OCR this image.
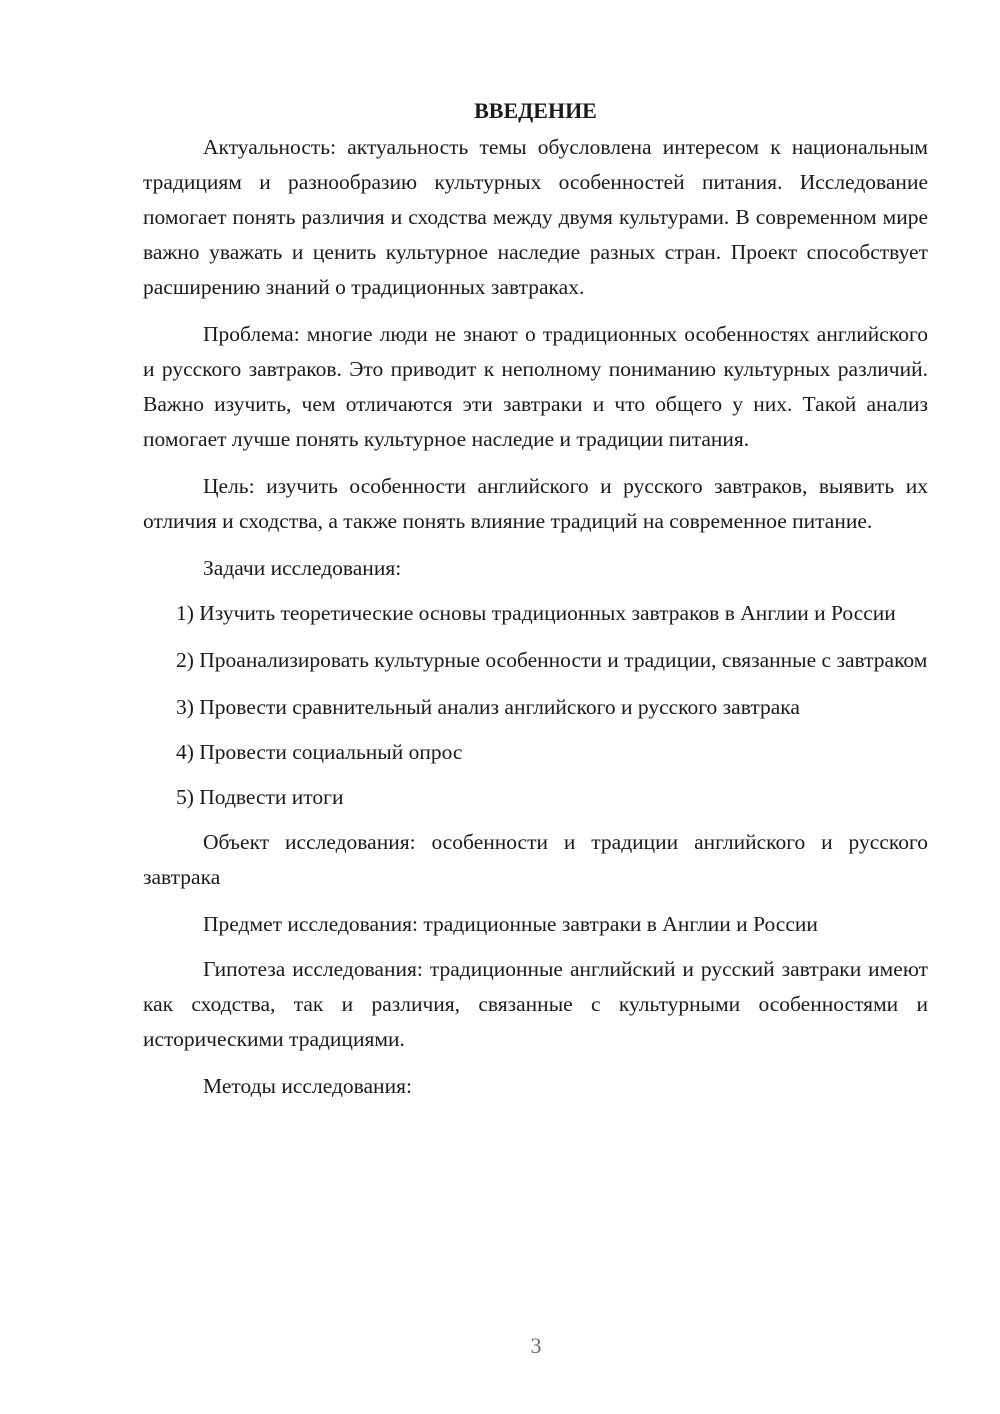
ВВЕДЕНИЕ

Актуальность: актуальность темы обусловлена интересом к национальным традициям и разнообразию культурных особенностей питания. Исследование помогает понять различия и сходства между двумя культурами. В современном мире важно уважать и ценить культурное наследие разных стран. Проект способствует расширению знаний о традиционных завтраках.

Проблема: многие люди не знают о традиционных особенностях английского и русского завтраков. Это приводит к неполному пониманию культурных различий. Важно изучить, чем отличаются эти завтраки и что общего у них. Такой анализ помогает лучше понять культурное наследие и традиции питания.

Цель: изучить особенности английского и русского завтраков, выявить их отличия и сходства, а также понять влияние традиций на современное питание.

Задачи исследования:

1) Изучить теоретические основы традиционных завтраков в Англии и России

2) Проанализировать культурные особенности и традиции, связанные с завтраком

3) Провести сравнительный анализ английского и русского завтрака

4) Провести социальный опрос

5) Подвести итоги

Объект исследования: особенности и традиции английского и русского завтрака

Предмет исследования: традиционные завтраки в Англии и России

Гипотеза исследования: традиционные английский и русский завтраки имеют как сходства, так и различия, связанные с культурными особенностями и историческими традициями.

Методы исследования:

3
